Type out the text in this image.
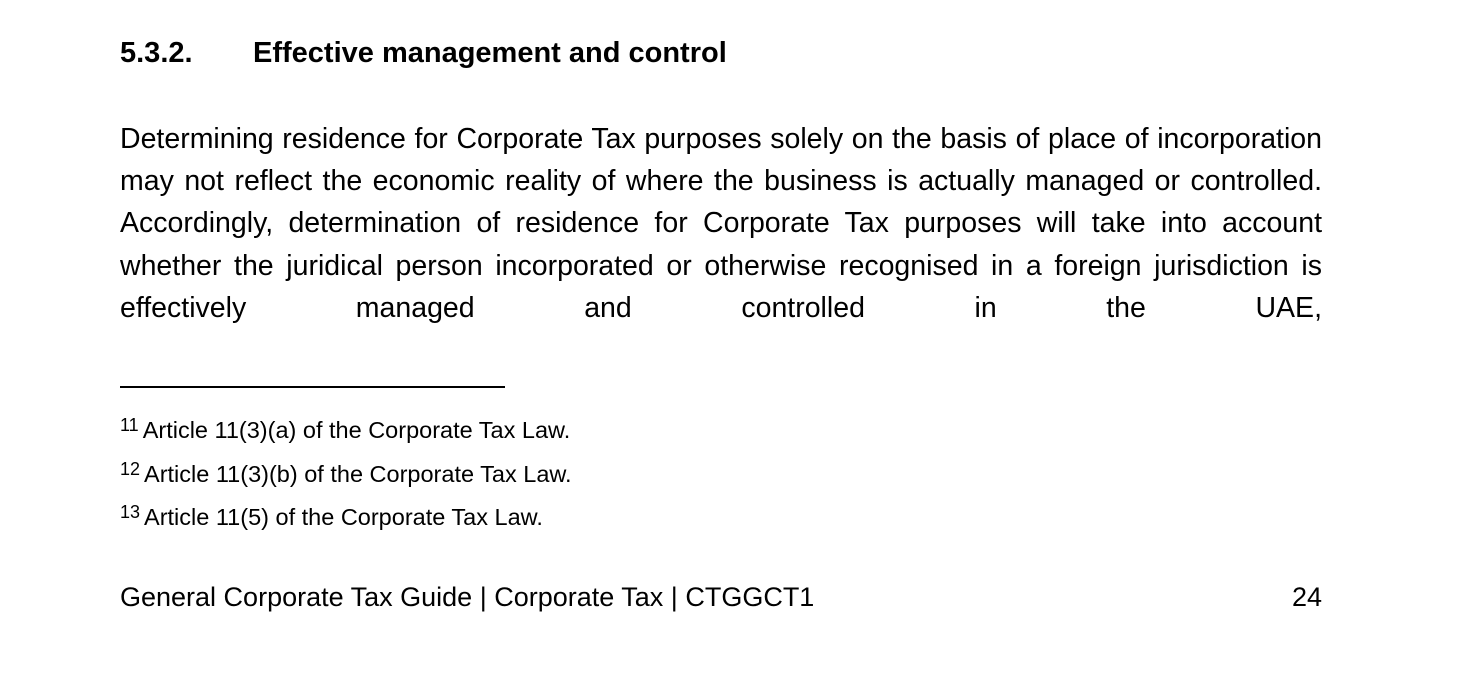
5.3.2. Effective management and control

Determining residence for Corporate Tax purposes solely on the basis of place of incorporation may not reflect the economic reality of where the business is actually managed or controlled. Accordingly, determination of residence for Corporate Tax purposes will take into account whether the juridical person incorporated or otherwise recognised in a foreign jurisdiction is effectively managed and controlled in the UAE,

$^{11}$ Article 11(3)(a) of the Corporate Tax Law.
$^{12}$ Article 11(3)(b) of the Corporate Tax Law.
$^{13}$ Article 11(5) of the Corporate Tax Law.
General Corporate Tax Guide | Corporate Tax | CTGGCT1	24
